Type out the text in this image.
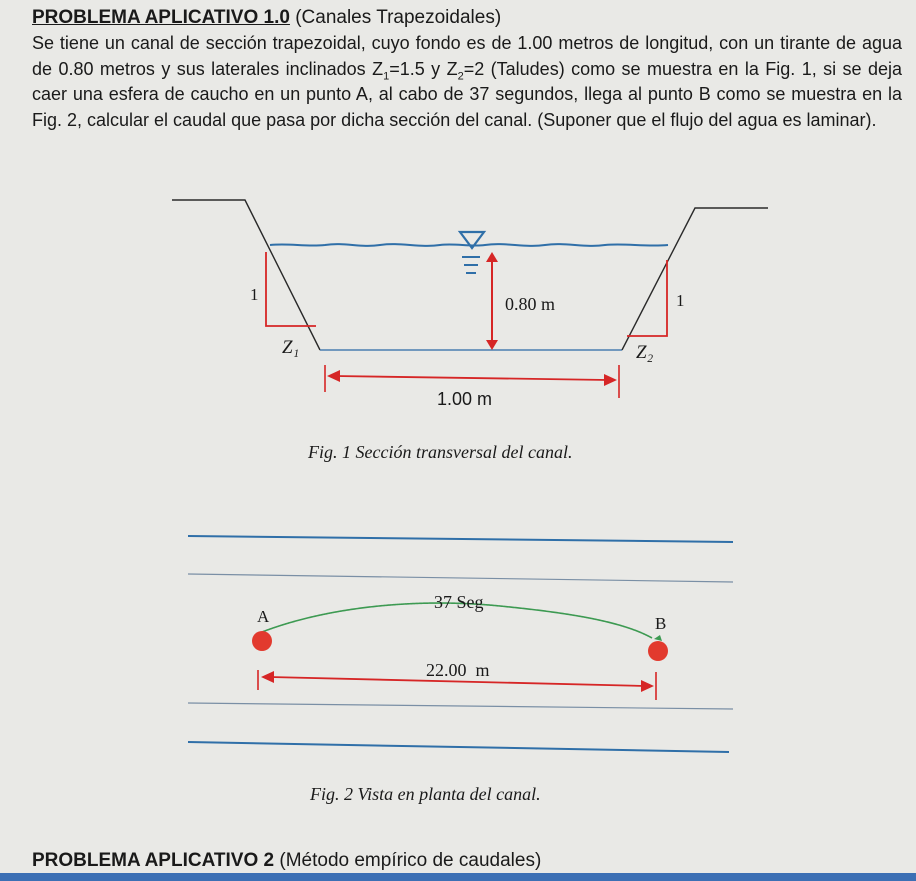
PROBLEMA APLICATIVO 1.0 (Canales Trapezoidales)
Se tiene un canal de sección trapezoidal, cuyo fondo es de 1.00 metros de longitud, con un tirante de agua de 0.80 metros y sus laterales inclinados $Z_1=1.5$ y $Z_2=2$ (Taludes) como se muestra en la Fig. 1, si se deja caer una esfera de caucho en un punto A, al cabo de 37 segundos, llega al punto B como se muestra en la Fig. 2, calcular el caudal que pasa por dicha sección del canal. (Suponer que el flujo del agua es laminar).
0.80 m
1.00 m
1	1
Z₁	Z₂
37 Seg
A	B
22.00  m
Fig. 1 Sección transversal del canal.
Fig. 2 Vista en planta del canal.
PROBLEMA APLICATIVO 2 (Método empírico de caudales)
